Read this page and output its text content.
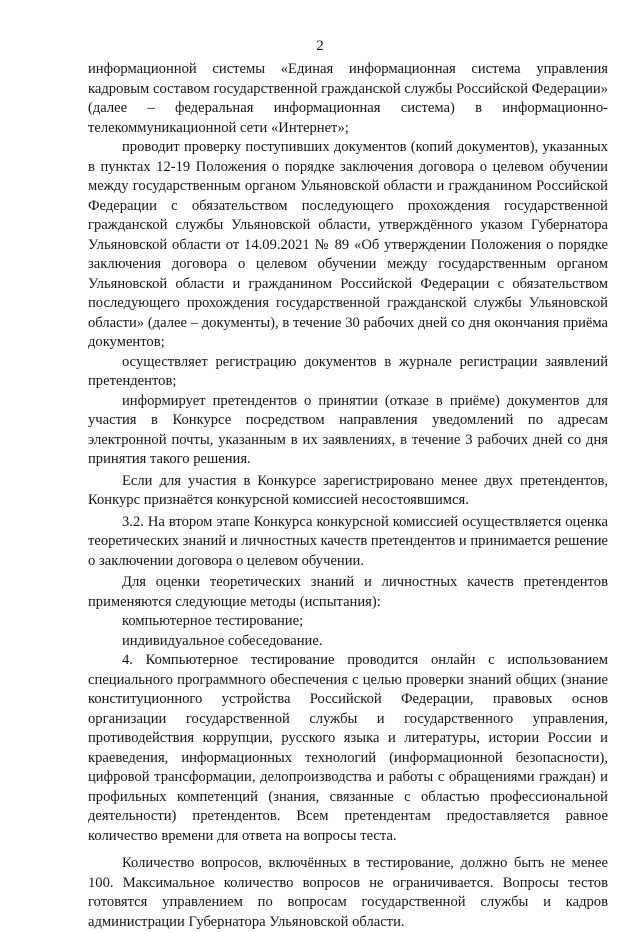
2

информационной системы «Единая информационная система управления кадровым составом государственной гражданской службы Российской Федерации» (далее – федеральная информационная система) в информационно-телекоммуникационной сети «Интернет»;

проводит проверку поступивших документов (копий документов), указанных в пунктах 12-19 Положения о порядке заключения договора о целевом обучении между государственным органом Ульяновской области и гражданином Российской Федерации с обязательством последующего прохождения государственной гражданской службы Ульяновской области, утверждённого указом Губернатора Ульяновской области от 14.09.2021 № 89 «Об утверждении Положения о порядке заключения договора о целевом обучении между государственным органом Ульяновской области и гражданином Российской Федерации с обязательством последующего прохождения государственной гражданской службы Ульяновской области» (далее – документы), в течение 30 рабочих дней со дня окончания приёма документов;

осуществляет регистрацию документов в журнале регистрации заявлений претендентов;

информирует претендентов о принятии (отказе в приёме) документов для участия в Конкурсе посредством направления уведомлений по адресам электронной почты, указанным в их заявлениях, в течение 3 рабочих дней со дня принятия такого решения.

Если для участия в Конкурсе зарегистрировано менее двух претендентов, Конкурс признаётся конкурсной комиссией несостоявшимся.

3.2. На втором этапе Конкурса конкурсной комиссией осуществляется оценка теоретических знаний и личностных качеств претендентов и принимается решение о заключении договора о целевом обучении.

Для оценки теоретических знаний и личностных качеств претендентов применяются следующие методы (испытания):

компьютерное тестирование;

индивидуальное собеседование.

4. Компьютерное тестирование проводится онлайн с использованием специального программного обеспечения с целью проверки знаний общих (знание конституционного устройства Российской Федерации, правовых основ организации государственной службы и государственного управления, противодействия коррупции, русского языка и литературы, истории России и краеведения, информационных технологий (информационной безопасности), цифровой трансформации, делопроизводства и работы с обращениями граждан) и профильных компетенций (знания, связанные с областью профессиональной деятельности) претендентов. Всем претендентам предоставляется равное количество времени для ответа на вопросы теста.

Количество вопросов, включённых в тестирование, должно быть не менее 100. Максимальное количество вопросов не ограничивается. Вопросы тестов готовятся управлением по вопросам государственной службы и кадров администрации Губернатора Ульяновской области.
